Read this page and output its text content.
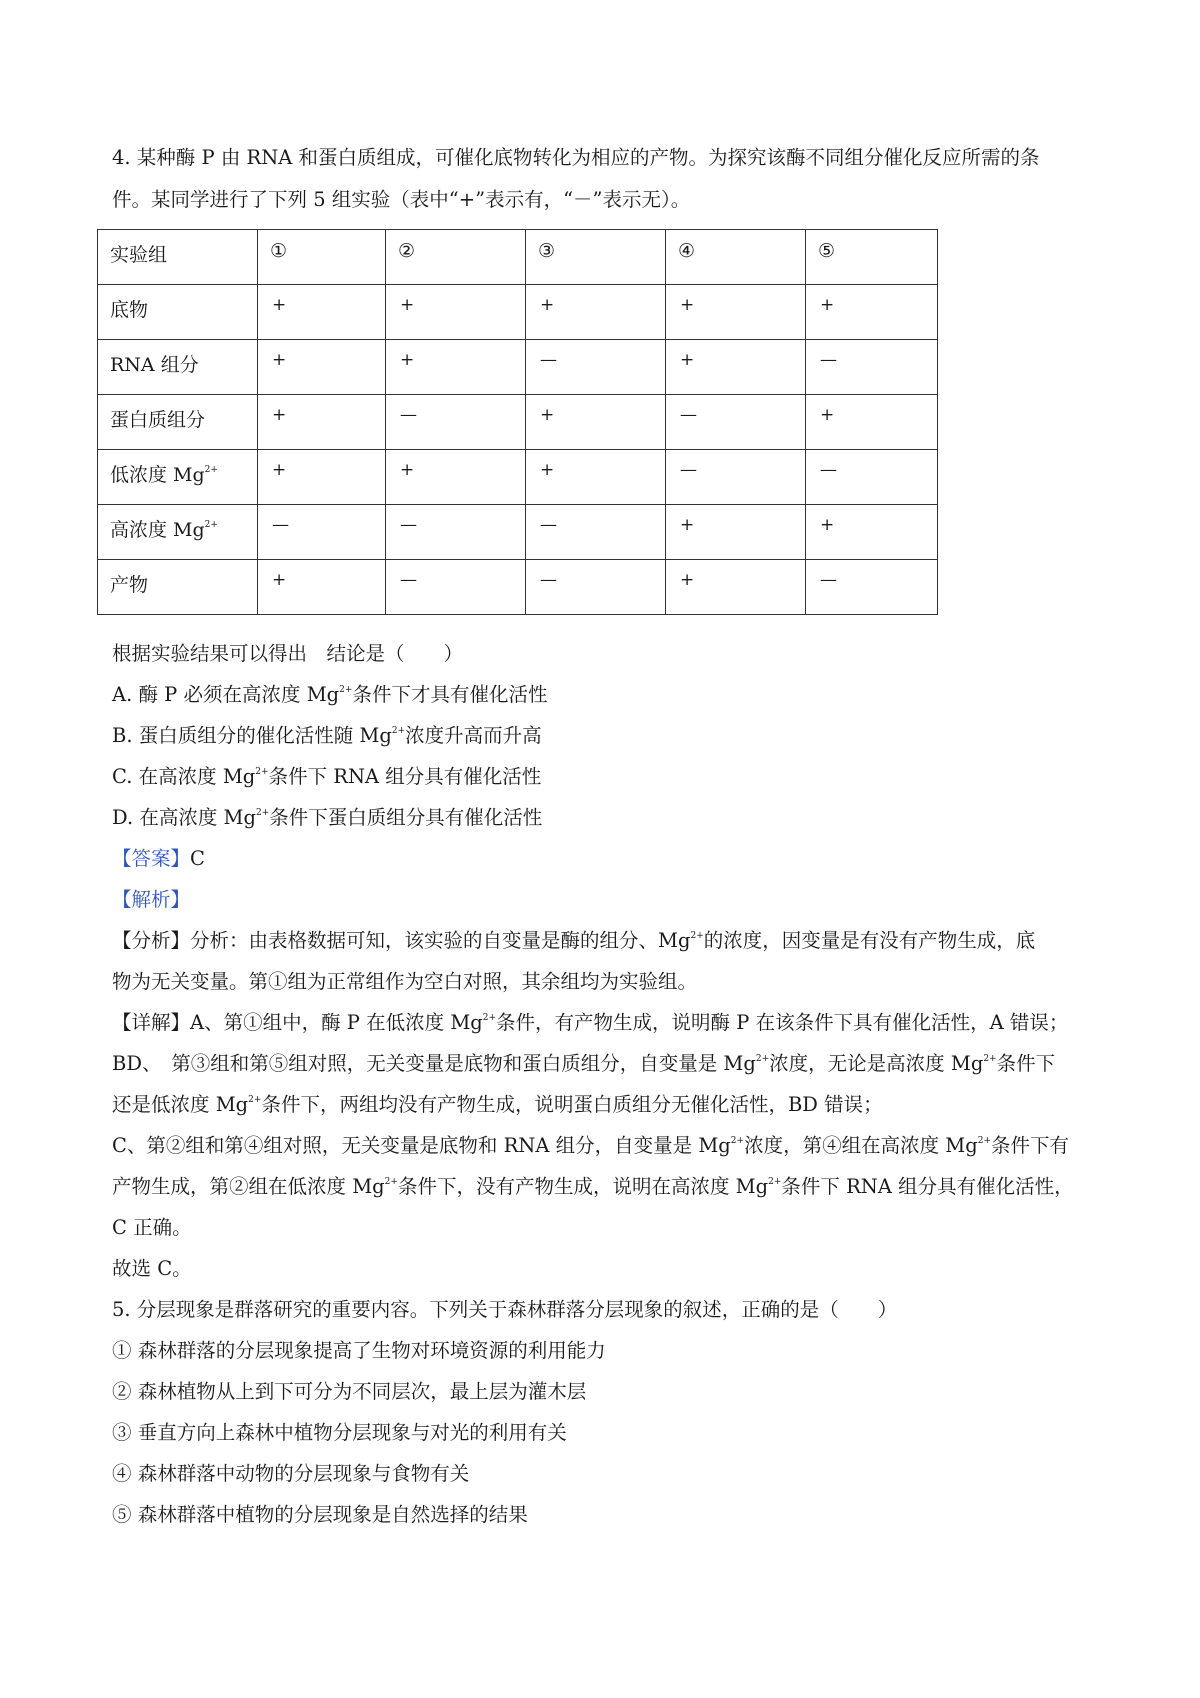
4. 某种酶 P 由 RNA 和蛋白质组成，可催化底物转化为相应的产物。为探究该酶不同组分催化反应所需的条
件。某同学进行了下列 5 组实验（表中“+”表示有，“－”表示无）。
实验组	①	②	③	④	⑤
底物	+	+	+	+	+
RNA 组分	+	+	—	+	—
蛋白质组分	+	—	+	—	+
低浓度 $Mg^{2+}$	+	+	+	—	—
高浓度 $Mg^{2+}$	—	—	—	+	+
产物	+	—	—	+	—
根据实验结果可以得出　结论是（　　）
A. 酶 P 必须在高浓度 $Mg^{2+}$条件下才具有催化活性
B. 蛋白质组分的催化活性随 $Mg^{2+}$浓度升高而升高
C. 在高浓度 $Mg^{2+}$条件下 RNA 组分具有催化活性
D. 在高浓度 $Mg^{2+}$条件下蛋白质组分具有催化活性
【答案】C
【解析】
【分析】分析：由表格数据可知，该实验的自变量是酶的组分、$Mg^{2+}$的浓度，因变量是有没有产物生成，底
物为无关变量。第①组为正常组作为空白对照，其余组均为实验组。
【详解】A、第①组中，酶 P 在低浓度 $Mg^{2+}$条件，有产物生成，说明酶 P 在该条件下具有催化活性，A 错误；
BD、　第③组和第⑤组对照，无关变量是底物和蛋白质组分，自变量是 $Mg^{2+}$浓度，无论是高浓度 $Mg^{2+}$条件下
还是低浓度 $Mg^{2+}$条件下，两组均没有产物生成，说明蛋白质组分无催化活性，BD 错误；
C、第②组和第④组对照，无关变量是底物和 RNA 组分，自变量是 $Mg^{2+}$浓度，第④组在高浓度 $Mg^{2+}$条件下有
产物生成，第②组在低浓度 $Mg^{2+}$条件下，没有产物生成，说明在高浓度 $Mg^{2+}$条件下 RNA 组分具有催化活性，
C 正确。
故选 C。
5. 分层现象是群落研究的重要内容。下列关于森林群落分层现象的叙述，正确的是（　　）
① 森林群落的分层现象提高了生物对环境资源的利用能力
② 森林植物从上到下可分为不同层次，最上层为灌木层
③ 垂直方向上森林中植物分层现象与对光的利用有关
④ 森林群落中动物的分层现象与食物有关
⑤ 森林群落中植物的分层现象是自然选择的结果
